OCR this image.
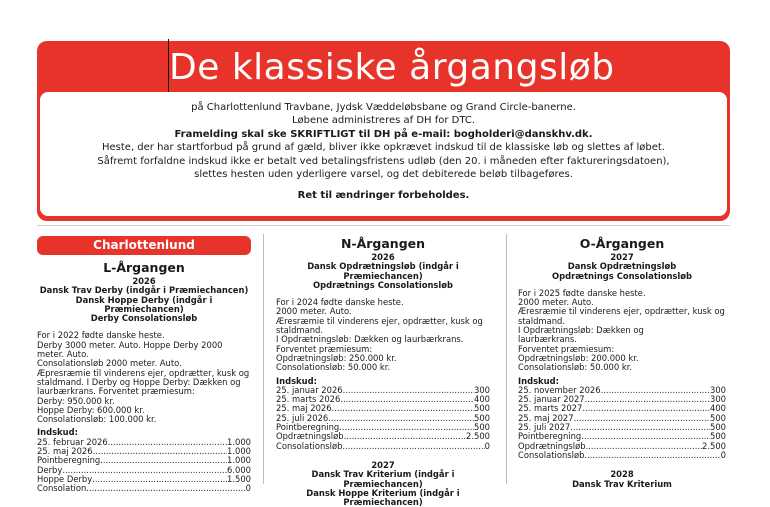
De klassiske årgangsløb
på Charlottenlund Travbane, Jydsk Væddeløbsbane og Grand Circle-banerne.
Løbene administreres af DH for DTC.
Framelding skal ske SKRIFTLIGT til DH på e-mail: bogholderi@danskhv.dk.
Heste, der har startforbud på grund af gæld, bliver ikke opkrævet indskud til de klassiske løb og slettes af løbet.
Såfremt forfaldne indskud ikke er betalt ved betalingsfristens udløb (den 20. i måneden efter faktureringsdatoen),
slettes hesten uden yderligere varsel, og det debiterede beløb tilbageføres.
Ret til ændringer forbeholdes.
Charlottenlund
L-Årgangen
2026
Dansk Trav Derby (indgår i Præmiechancen)
Dansk Hoppe Derby (indgår i Præmiechancen)
Derby Consolationsløb
For i 2022 fødte danske heste.
Derby 3000 meter. Auto. Hoppe Derby 2000 meter. Auto.
Consolationsløb 2000 meter. Auto.
Æpresræmie til vinderens ejer, opdrætter, kusk og
staldmand. I Derby og Hoppe Derby: Dækken og
laurbærkrans. Forventet præmiesum:
Derby: 950.000 kr.
Hoppe Derby: 600.000 kr.
Consolationsløb: 100.000 kr.
Indskud:
25. februar 2026 .....	1.000
25. maj 2026 .....	1.000
Pointberegning .....	1.000
Derby .....	6.000
Hoppe Derby .....	1.500
Consolation .....	0
N-Årgangen
2026
Dansk Opdrætningsløb (indgår i Præmiechancen)
Opdrætnings Consolationsløb
For i 2024 fødte danske heste.
2000 meter. Auto.
Æresræmie til vinderens ejer, opdrætter, kusk og
staldmand.
I Opdrætningsløb: Dækken og laurbærkrans.
Forventet præmiesum:
Opdrætningsløb: 250.000 kr.
Consolationsløb: 50.000 kr.
Indskud:
25. januar 2026 .....	300
25. marts 2026 .....	400
25. maj 2026 .....	500
25. juli 2026 .....	500
Pointberegning .....	500
Opdrætningsløb .....	2.500
Consolationsløb .....	0
2027
Dansk Trav Kriterium (indgår i Præmiechancen)
Dansk Hoppe Kriterium (indgår i Præmiechancen)
O-Årgangen
2027
Dansk Opdrætningsløb
Opdrætnings Consolationsløb
For i 2025 fødte danske heste.
2000 meter. Auto.
Æresræmie til vinderens ejer, opdrætter, kusk og
staldmand.
I Opdrætningsløb: Dækken og
laurbærkrans.
Forventet præmiesum:
Opdrætningsløb: 200.000 kr.
Consolationsløb: 50.000 kr.
Indskud:
25. november 2026 .....	300
25. januar 2027 .....	300
25. marts 2027 .....	400
25. maj 2027 .....	500
25. juli 2027 .....	500
Pointberegning .....	500
Opdrætningsløb .....	2.500
Consolationsløb .....	0
2028
Dansk Trav Kriterium
